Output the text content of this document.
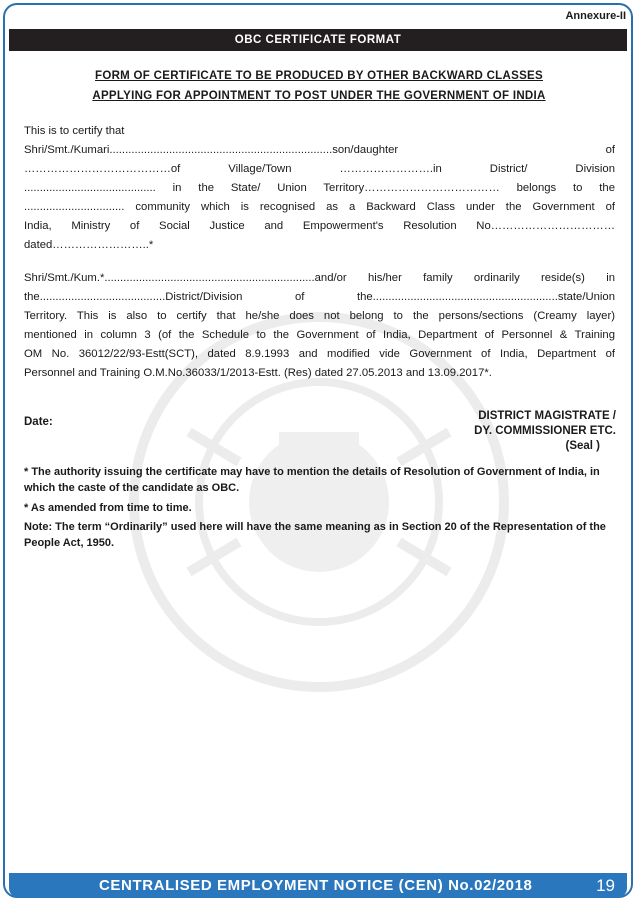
Annexure-II
OBC CERTIFICATE FORMAT
FORM OF CERTIFICATE TO BE PRODUCED BY OTHER BACKWARD CLASSES
APPLYING FOR APPOINTMENT TO POST UNDER THE GOVERNMENT OF INDIA
This is to certify that
Shri/Smt./Kumari.......................................................................son/daughter of
…………………………………of Village/Town …………………….in District/ Division
.......................................... in the State/ Union Territory……………………………… belongs to the
................................ community which is recognised as a Backward Class under the Government of
India, Ministry of Social Justice and Empowerment's Resolution No……………………………
dated……………………..*
Shri/Smt./Kum.*...................................................................and/or his/her family ordinarily reside(s) in
the........................................District/Division of the...........................................................state/Union
Territory. This is also to certify that he/she does not belong to the persons/sections (Creamy layer)
mentioned in column 3 (of the Schedule to the Government of India, Department of Personnel & Training
OM No. 36012/22/93-Estt(SCT), dated 8.9.1993 and modified vide Government of India, Department of
Personnel and Training O.M.No.36033/1/2013-Estt. (Res) dated 27.05.2013 and 13.09.2017*.
Date:	DISTRICT MAGISTRATE /
DY. COMMISSIONER ETC.
(Seal )
* The authority issuing the certificate may have to mention the details of Resolution of Government of India, in which the caste of the candidate as OBC.
* As amended from time to time.
Note: The term “Ordinarily” used here will have the same meaning as in Section 20 of the Representation of the People Act, 1950.
CENTRALISED EMPLOYMENT NOTICE (CEN) No.02/2018	19
